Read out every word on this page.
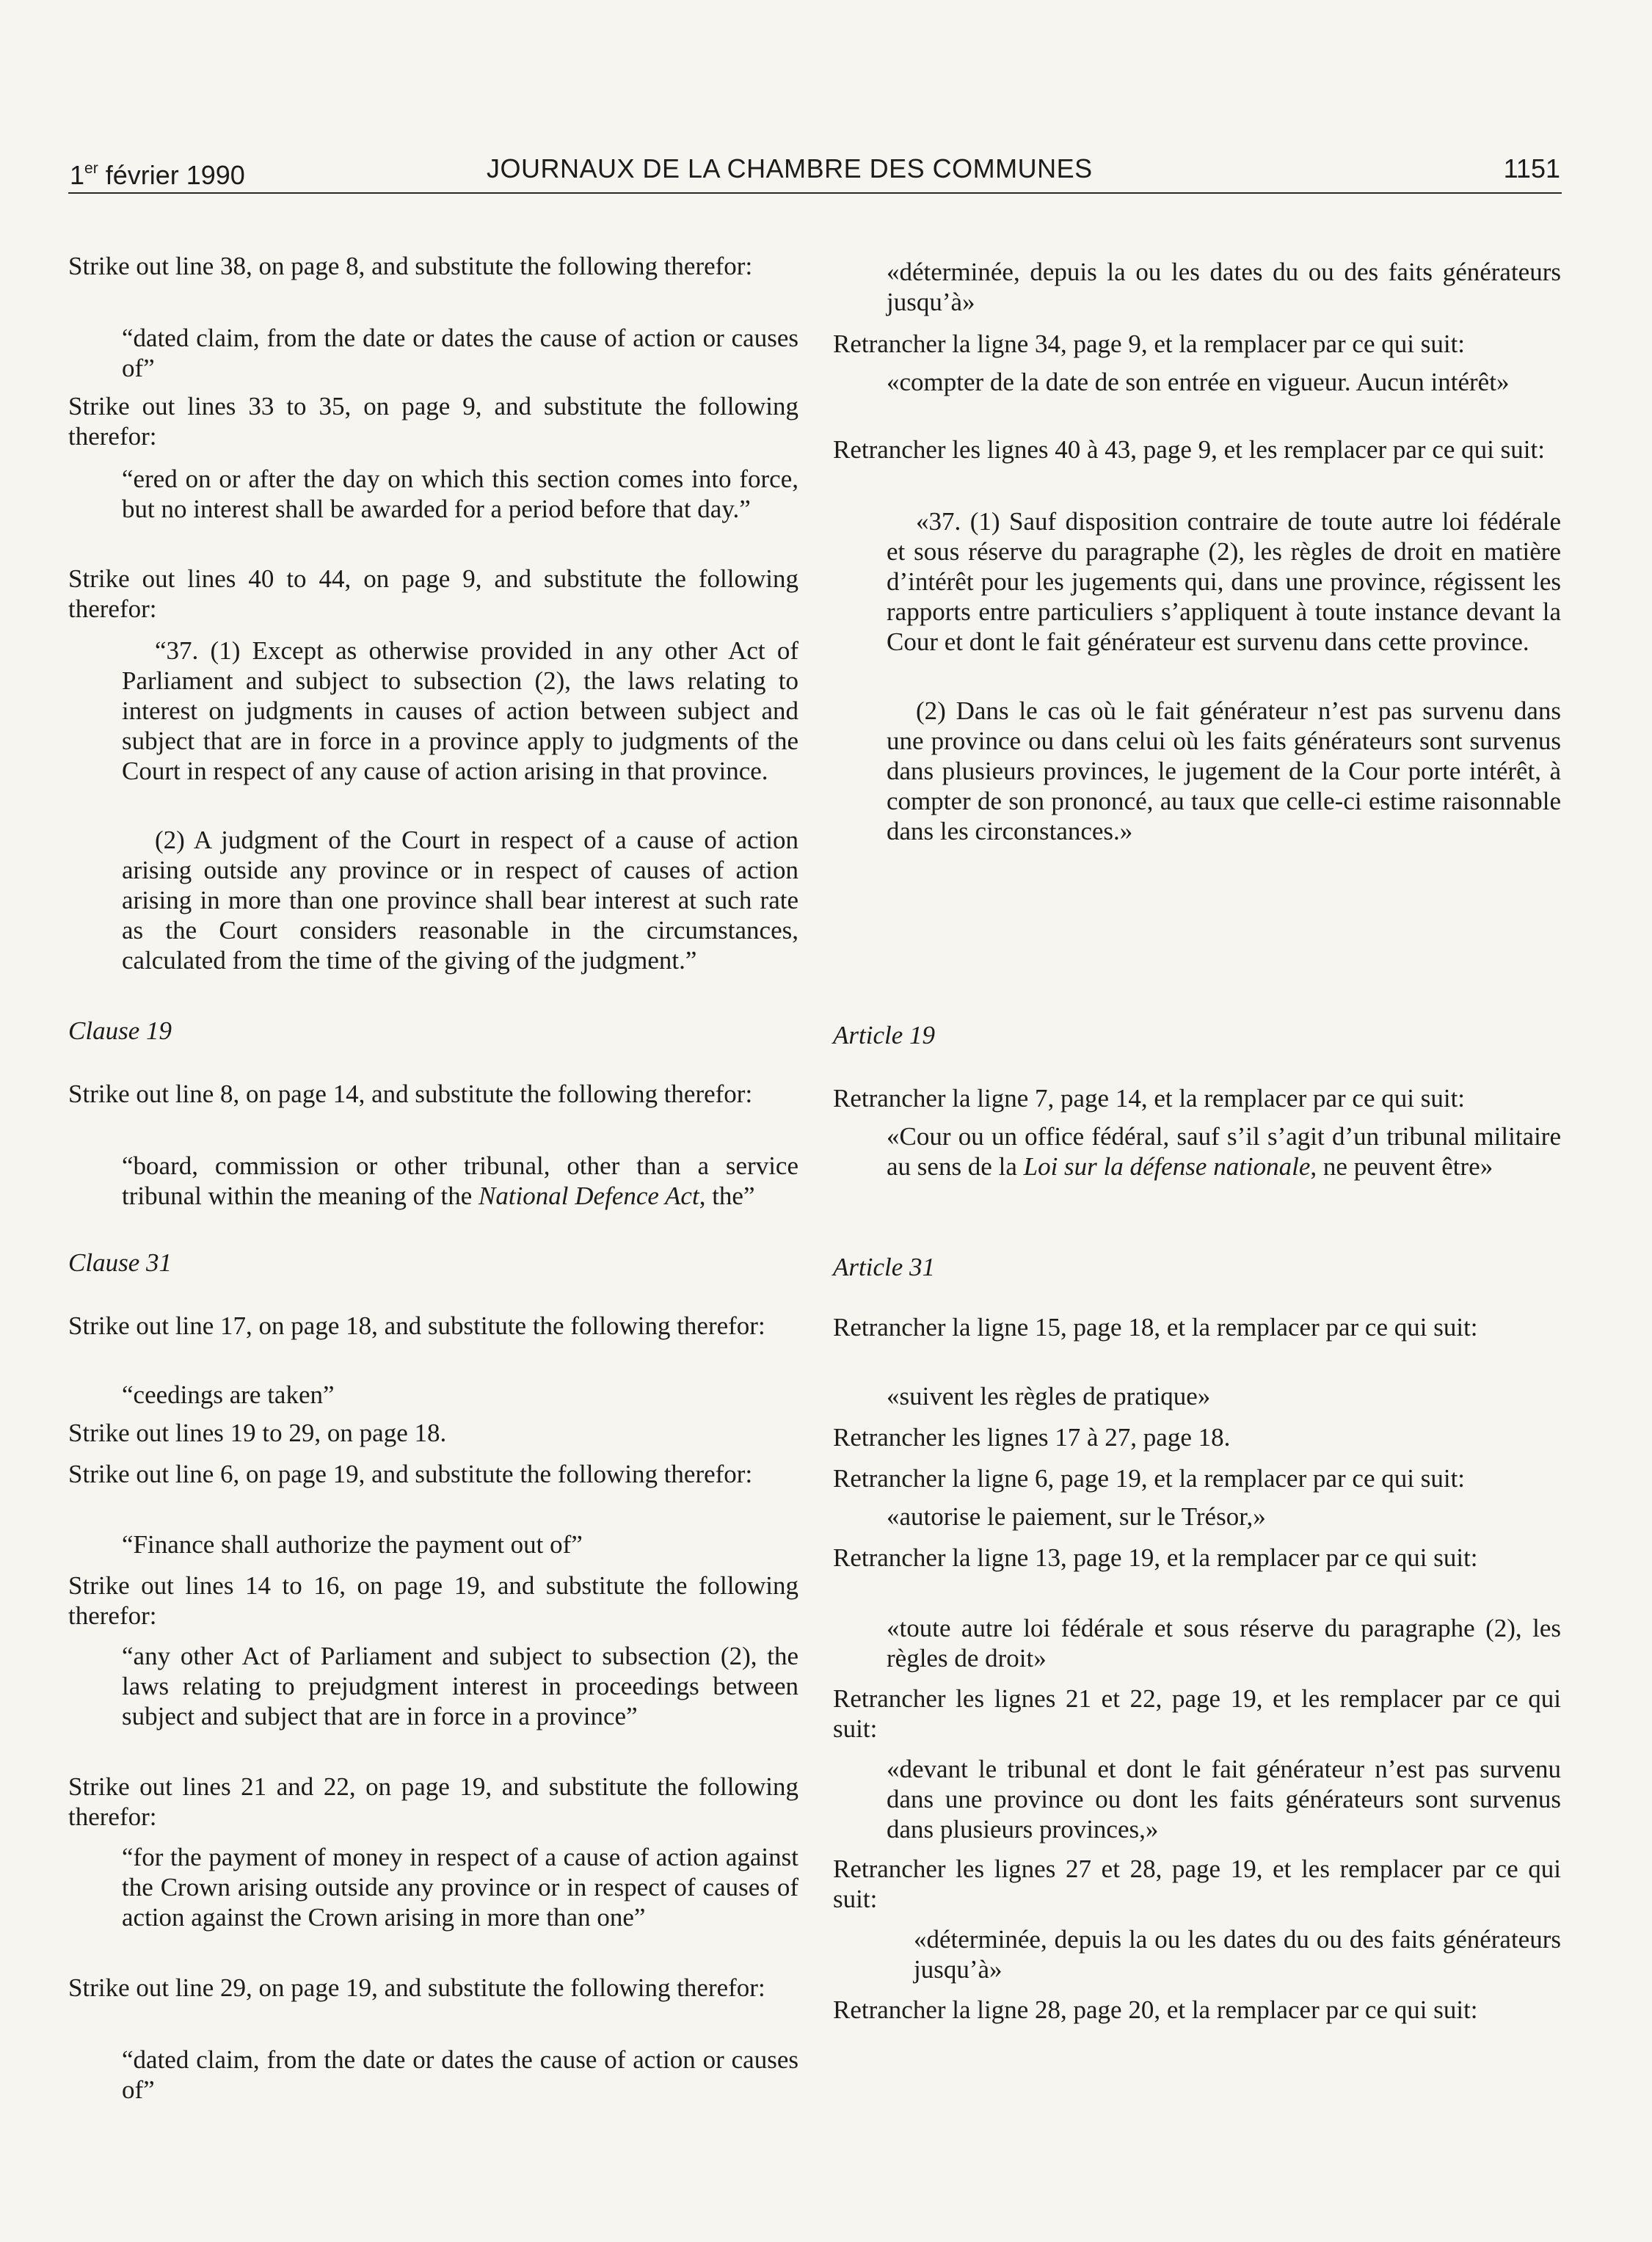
1er février 1990	JOURNAUX DE LA CHAMBRE DES COMMUNES	1151

Strike out line 38, on page 8, and substitute the following therefor:

“dated claim, from the date or dates the cause of action or causes of”

Strike out lines 33 to 35, on page 9, and substitute the following therefor:

“ered on or after the day on which this section comes into force, but no interest shall be awarded for a period before that day.”

Strike out lines 40 to 44, on page 9, and substitute the following therefor:

“37. (1) Except as otherwise provided in any other Act of Parliament and subject to subsection (2), the laws relating to interest on judgments in causes of action between subject and subject that are in force in a province apply to judgments of the Court in respect of any cause of action arising in that province.

(2) A judgment of the Court in respect of a cause of action arising outside any province or in respect of causes of action arising in more than one province shall bear interest at such rate as the Court considers reasonable in the circumstances, calculated from the time of the giving of the judgment.”

Clause 19

Strike out line 8, on page 14, and substitute the following therefor:

“board, commission or other tribunal, other than a service tribunal within the meaning of the National Defence Act, the”

Clause 31

Strike out line 17, on page 18, and substitute the following therefor:

“ceedings are taken”

Strike out lines 19 to 29, on page 18.

Strike out line 6, on page 19, and substitute the following therefor:

“Finance shall authorize the payment out of”

Strike out lines 14 to 16, on page 19, and substitute the following therefor:

“any other Act of Parliament and subject to subsection (2), the laws relating to prejudgment interest in proceedings between subject and subject that are in force in a province”

Strike out lines 21 and 22, on page 19, and substitute the following therefor:

“for the payment of money in respect of a cause of action against the Crown arising outside any province or in respect of causes of action against the Crown arising in more than one”

Strike out line 29, on page 19, and substitute the following therefor:

“dated claim, from the date or dates the cause of action or causes of”

«déterminée, depuis la ou les dates du ou des faits générateurs jusqu’à»

Retrancher la ligne 34, page 9, et la remplacer par ce qui suit:

«compter de la date de son entrée en vigueur. Aucun intérêt»

Retrancher les lignes 40 à 43, page 9, et les remplacer par ce qui suit:

«37. (1) Sauf disposition contraire de toute autre loi fédérale et sous réserve du paragraphe (2), les règles de droit en matière d’intérêt pour les jugements qui, dans une province, régissent les rapports entre particuliers s’appliquent à toute instance devant la Cour et dont le fait générateur est survenu dans cette province.

(2) Dans le cas où le fait générateur n’est pas survenu dans une province ou dans celui où les faits générateurs sont survenus dans plusieurs provinces, le jugement de la Cour porte intérêt, à compter de son prononcé, au taux que celle-ci estime raisonnable dans les circonstances.»

Article 19

Retrancher la ligne 7, page 14, et la remplacer par ce qui suit:

«Cour ou un office fédéral, sauf s’il s’agit d’un tribunal militaire au sens de la Loi sur la défense nationale, ne peuvent être»

Article 31

Retrancher la ligne 15, page 18, et la remplacer par ce qui suit:

«suivent les règles de pratique»

Retrancher les lignes 17 à 27, page 18.

Retrancher la ligne 6, page 19, et la remplacer par ce qui suit:

«autorise le paiement, sur le Trésor,»

Retrancher la ligne 13, page 19, et la remplacer par ce qui suit:

«toute autre loi fédérale et sous réserve du paragraphe (2), les règles de droit»

Retrancher les lignes 21 et 22, page 19, et les remplacer par ce qui suit:

«devant le tribunal et dont le fait générateur n’est pas survenu dans une province ou dont les faits générateurs sont survenus dans plusieurs provinces,»

Retrancher les lignes 27 et 28, page 19, et les remplacer par ce qui suit:

«déterminée, depuis la ou les dates du ou des faits générateurs jusqu’à»

Retrancher la ligne 28, page 20, et la remplacer par ce qui suit:
